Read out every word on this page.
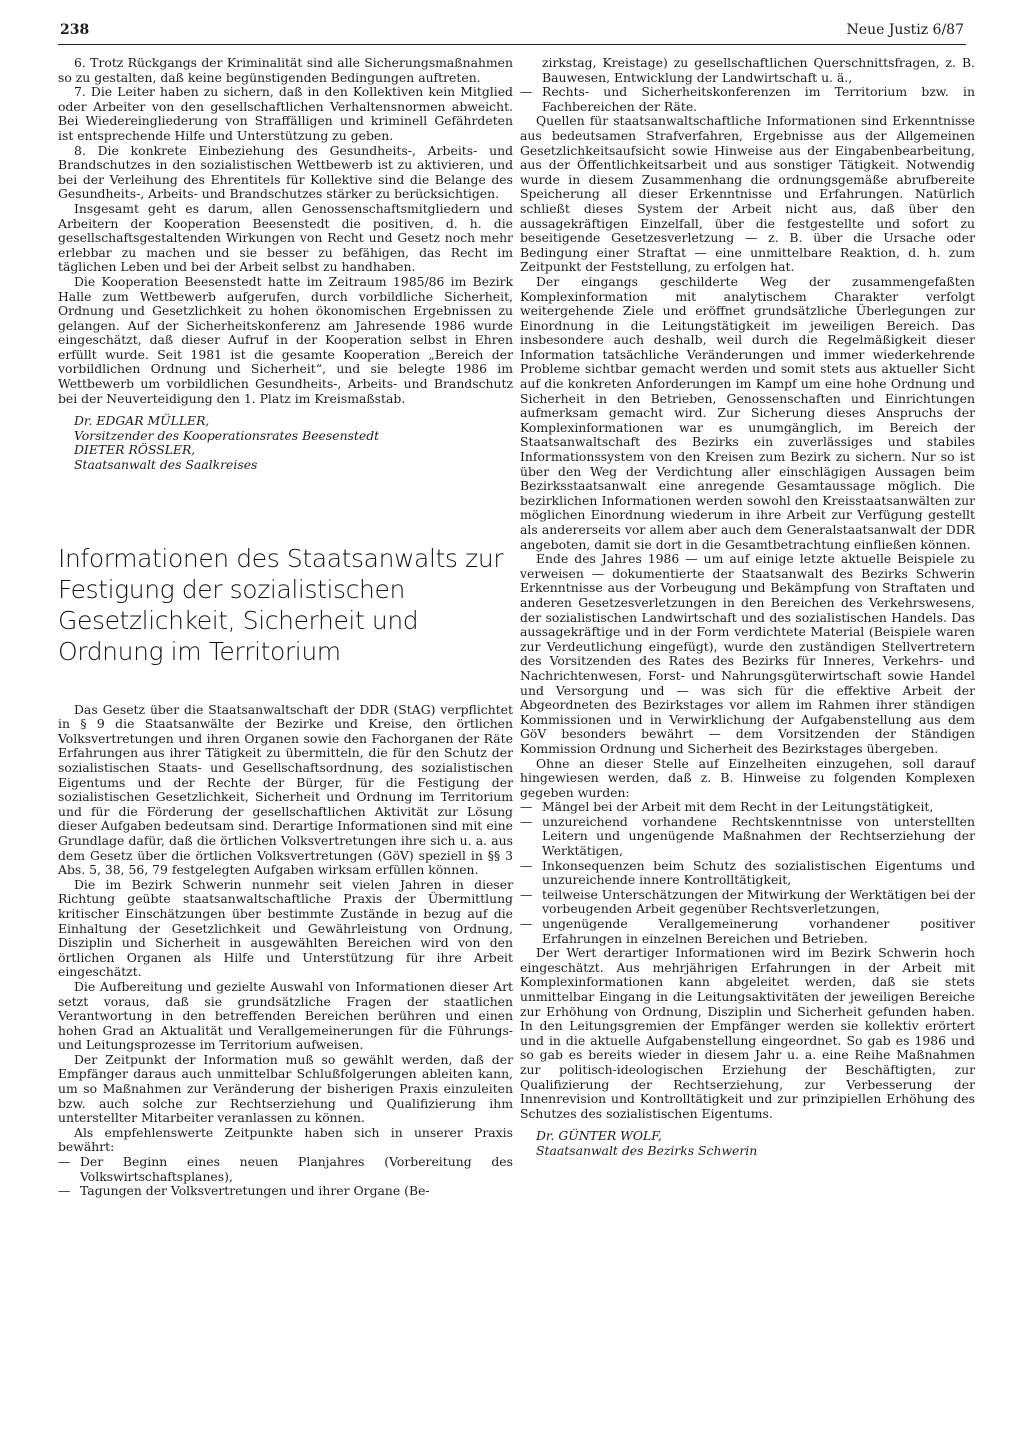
238	Neue Justiz 6/87

6. Trotz Rückgangs der Kriminalität sind alle Sicherungsmaßnahmen so zu gestalten, daß keine begünstigenden Bedingungen auftreten.

7. Die Leiter haben zu sichern, daß in den Kollektiven kein Mitglied oder Arbeiter von den gesellschaftlichen Verhaltensnormen abweicht. Bei Wiedereingliederung von Straffälligen und kriminell Gefährdeten ist entsprechende Hilfe und Unterstützung zu geben.

8. Die konkrete Einbeziehung des Gesundheits-, Arbeits- und Brandschutzes in den sozialistischen Wettbewerb ist zu aktivieren, und bei der Verleihung des Ehrentitels für Kollektive sind die Belange des Gesundheits-, Arbeits- und Brandschutzes stärker zu berücksichtigen.

Insgesamt geht es darum, allen Genossenschaftsmitgliedern und Arbeitern der Kooperation Beesenstedt die positiven, d. h. die gesellschaftsgestaltenden Wirkungen von Recht und Gesetz noch mehr erlebbar zu machen und sie besser zu befähigen, das Recht im täglichen Leben und bei der Arbeit selbst zu handhaben.

Die Kooperation Beesenstedt hatte im Zeitraum 1985/86 im Bezirk Halle zum Wettbewerb aufgerufen, durch vorbildliche Sicherheit, Ordnung und Gesetzlichkeit zu hohen ökonomischen Ergebnissen zu gelangen. Auf der Sicherheitskonferenz am Jahresende 1986 wurde eingeschätzt, daß dieser Aufruf in der Kooperation selbst in Ehren erfüllt wurde. Seit 1981 ist die gesamte Kooperation „Bereich der vorbildlichen Ordnung und Sicherheit“, und sie belegte 1986 im Wettbewerb um vorbildlichen Gesundheits-, Arbeits- und Brandschutz bei der Neuverteidigung den 1. Platz im Kreismaßstab.

Dr. EDGAR MÜLLER,

Vorsitzender des Kooperationsrates Beesenstedt

DIETER RÖSSLER,

Staatsanwalt des Saalkreises

Informationen des Staatsanwalts zur Festigung der sozialistischen Gesetzlichkeit, Sicherheit und Ordnung im Territorium

Das Gesetz über die Staatsanwaltschaft der DDR (StAG) verpflichtet in § 9 die Staatsanwälte der Bezirke und Kreise, den örtlichen Volksvertretungen und ihren Organen sowie den Fachorganen der Räte Erfahrungen aus ihrer Tätigkeit zu übermitteln, die für den Schutz der sozialistischen Staats- und Gesellschaftsordnung, des sozialistischen Eigentums und der Rechte der Bürger, für die Festigung der sozialistischen Gesetzlichkeit, Sicherheit und Ordnung im Territorium und für die Förderung der gesellschaftlichen Aktivität zur Lösung dieser Aufgaben bedeutsam sind. Derartige Informationen sind mit eine Grundlage dafür, daß die örtlichen Volksvertretungen ihre sich u. a. aus dem Gesetz über die örtlichen Volksvertretungen (GöV) speziell in §§ 3 Abs. 5, 38, 56, 79 festgelegten Aufgaben wirksam erfüllen können.

Die im Bezirk Schwerin nunmehr seit vielen Jahren in dieser Richtung geübte staatsanwaltschaftliche Praxis der Übermittlung kritischer Einschätzungen über bestimmte Zustände in bezug auf die Einhaltung der Gesetzlichkeit und Gewährleistung von Ordnung, Disziplin und Sicherheit in ausgewählten Bereichen wird von den örtlichen Organen als Hilfe und Unterstützung für ihre Arbeit eingeschätzt.

Die Aufbereitung und gezielte Auswahl von Informationen dieser Art setzt voraus, daß sie grundsätzliche Fragen der staatlichen Verantwortung in den betreffenden Bereichen berühren und einen hohen Grad an Aktualität und Verallgemeinerungen für die Führungs- und Leitungsprozesse im Territorium aufweisen.

Der Zeitpunkt der Information muß so gewählt werden, daß der Empfänger daraus auch unmittelbar Schlußfolgerungen ableiten kann, um so Maßnahmen zur Veränderung der bisherigen Praxis einzuleiten bzw. auch solche zur Rechtserziehung und Qualifizierung ihm unterstellter Mitarbeiter veranlassen zu können.

Als empfehlenswerte Zeitpunkte haben sich in unserer Praxis bewährt:

— Der Beginn eines neuen Planjahres (Vorbereitung des Volkswirtschaftsplanes),
— Tagungen der Volksvertretungen und ihrer Organe (Be-

zirkstag, Kreistage) zu gesellschaftlichen Querschnittsfragen, z. B. Bauwesen, Entwicklung der Landwirtschaft u. ä.,

— Rechts- und Sicherheitskonferenzen im Territorium bzw. in Fachbereichen der Räte.

Quellen für staatsanwaltschaftliche Informationen sind Erkenntnisse aus bedeutsamen Strafverfahren, Ergebnisse aus der Allgemeinen Gesetzlichkeitsaufsicht sowie Hinweise aus der Eingabenbearbeitung, aus der Öffentlichkeitsarbeit und aus sonstiger Tätigkeit. Notwendig wurde in diesem Zusammenhang die ordnungsgemäße abrufbereite Speicherung all dieser Erkenntnisse und Erfahrungen. Natürlich schließt dieses System der Arbeit nicht aus, daß über den aussagekräftigen Einzelfall, über die festgestellte und sofort zu beseitigende Gesetzesverletzung — z. B. über die Ursache oder Bedingung einer Straftat — eine unmittelbare Reaktion, d. h. zum Zeitpunkt der Feststellung, zu erfolgen hat.

Der eingangs geschilderte Weg der zusammengefaßten Komplexinformation mit analytischem Charakter verfolgt weitergehende Ziele und eröffnet grundsätzliche Überlegungen zur Einordnung in die Leitungstätigkeit im jeweiligen Bereich. Das insbesondere auch deshalb, weil durch die Regelmäßigkeit dieser Information tatsächliche Veränderungen und immer wiederkehrende Probleme sichtbar gemacht werden und somit stets aus aktueller Sicht auf die konkreten Anforderungen im Kampf um eine hohe Ordnung und Sicherheit in den Betrieben, Genossenschaften und Einrichtungen aufmerksam gemacht wird. Zur Sicherung dieses Anspruchs der Komplexinformationen war es unumgänglich, im Bereich der Staatsanwaltschaft des Bezirks ein zuverlässiges und stabiles Informationssystem von den Kreisen zum Bezirk zu sichern. Nur so ist über den Weg der Verdichtung aller einschlägigen Aussagen beim Bezirksstaatsanwalt eine anregende Gesamtaussage möglich. Die bezirklichen Informationen werden sowohl den Kreisstaatsanwälten zur möglichen Einordnung wiederum in ihre Arbeit zur Verfügung gestellt als andererseits vor allem aber auch dem Generalstaatsanwalt der DDR angeboten, damit sie dort in die Gesamtbetrachtung einfließen können.

Ende des Jahres 1986 — um auf einige letzte aktuelle Beispiele zu verweisen — dokumentierte der Staatsanwalt des Bezirks Schwerin Erkenntnisse aus der Vorbeugung und Bekämpfung von Straftaten und anderen Gesetzesverletzungen in den Bereichen des Verkehrswesens, der sozialistischen Landwirtschaft und des sozialistischen Handels. Das aussagekräftige und in der Form verdichtete Material (Beispiele waren zur Verdeutlichung eingefügt), wurde den zuständigen Stellvertretern des Vorsitzenden des Rates des Bezirks für Inneres, Verkehrs- und Nachrichtenwesen, Forst- und Nahrungsgüterwirtschaft sowie Handel und Versorgung und — was sich für die effektive Arbeit der Abgeordneten des Bezirkstages vor allem im Rahmen ihrer ständigen Kommissionen und in Verwirklichung der Aufgabenstellung aus dem GöV besonders bewährt — dem Vorsitzenden der Ständigen Kommission Ordnung und Sicherheit des Bezirkstages übergeben.

Ohne an dieser Stelle auf Einzelheiten einzugehen, soll darauf hingewiesen werden, daß z. B. Hinweise zu folgenden Komplexen gegeben wurden:

— Mängel bei der Arbeit mit dem Recht in der Leitungstätigkeit,
— unzureichend vorhandene Rechtskenntnisse von unterstellten Leitern und ungenügende Maßnahmen der Rechtserziehung der Werktätigen,
— Inkonsequenzen beim Schutz des sozialistischen Eigentums und unzureichende innere Kontrolltätigkeit,
— teilweise Unterschätzungen der Mitwirkung der Werktätigen bei der vorbeugenden Arbeit gegenüber Rechtsverletzungen,
— ungenügende Verallgemeinerung vorhandener positiver Erfahrungen in einzelnen Bereichen und Betrieben.

Der Wert derartiger Informationen wird im Bezirk Schwerin hoch eingeschätzt. Aus mehrjährigen Erfahrungen in der Arbeit mit Komplexinformationen kann abgeleitet werden, daß sie stets unmittelbar Eingang in die Leitungsaktivitäten der jeweiligen Bereiche zur Erhöhung von Ordnung, Disziplin und Sicherheit gefunden haben. In den Leitungsgremien der Empfänger werden sie kollektiv erörtert und in die aktuelle Aufgabenstellung eingeordnet. So gab es 1986 und so gab es bereits wieder in diesem Jahr u. a. eine Reihe Maßnahmen zur politisch-ideologischen Erziehung der Beschäftigten, zur Qualifizierung der Rechtserziehung, zur Verbesserung der Innenrevision und Kontrolltätigkeit und zur prinzipiellen Erhöhung des Schutzes des sozialistischen Eigentums.

Dr. GÜNTER WOLF,

Staatsanwalt des Bezirks Schwerin
